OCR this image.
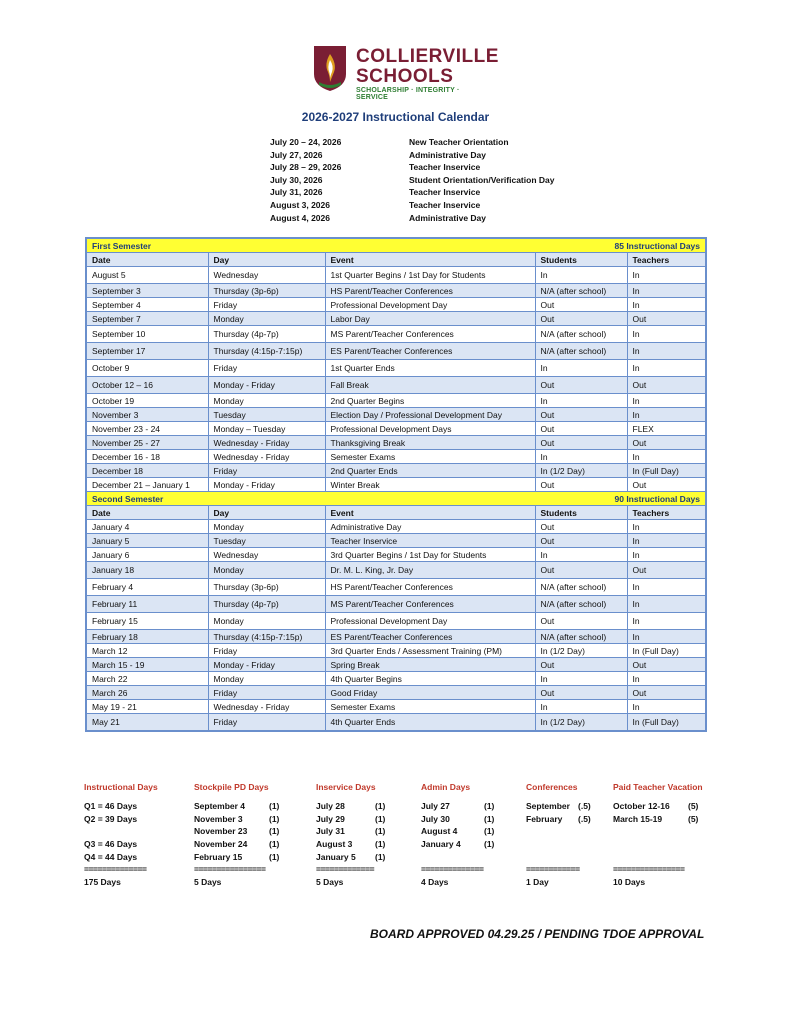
COLLIERVILLE
SCHOOLS
SCHOLARSHIP · INTEGRITY · SERVICE
2026-2027 Instructional Calendar
July 20 – 24, 2026	New Teacher Orientation
July 27, 2026	Administrative Day
July 28 – 29, 2026	Teacher Inservice
July 30, 2026	Student Orientation/Verification Day
July 31, 2026	Teacher Inservice
August 3, 2026	Teacher Inservice
August 4, 2026	Administrative Day
85 Instructional Days
First Semester				
Date	Day	Event	Students	Teachers
August 5	Wednesday	1st Quarter Begins / 1st Day for Students	In	In
September 3	Thursday (3p-6p)	HS Parent/Teacher Conferences	N/A (after school)	In
September 4	Friday	Professional Development Day	Out	In
September 7	Monday	Labor Day	Out	Out
September 10	Thursday (4p-7p)	MS Parent/Teacher Conferences	N/A (after school)	In
September 17	Thursday (4:15p-7:15p)	ES Parent/Teacher Conferences	N/A (after school)	In
October 9	Friday	1st Quarter Ends	In	In
October 12 – 16	Monday - Friday	Fall Break	Out	Out
October 19	Monday	2nd Quarter Begins	In	In
November 3	Tuesday	Election Day / Professional Development Day	Out	In
November 23 - 24	Monday – Tuesday	Professional Development Days	Out	FLEX
November 25 - 27	Wednesday - Friday	Thanksgiving Break	Out	Out
December 16 - 18	Wednesday - Friday	Semester Exams	In	In
December 18	Friday	2nd Quarter Ends	In (1/2 Day)	In (Full Day)
December 21 – January 1	Monday - Friday	Winter Break	Out	Out

90 Instructional Days
Second Semester				
Date	Day	Event	Students	Teachers
January 4	Monday	Administrative Day	Out	In
January 5	Tuesday	Teacher Inservice	Out	In
January 6	Wednesday	3rd Quarter Begins / 1st Day for Students	In	In
January 18	Monday	Dr. M. L. King, Jr. Day	Out	Out
February 4	Thursday (3p-6p)	HS Parent/Teacher Conferences	N/A (after school)	In
February 11	Thursday (4p-7p)	MS Parent/Teacher Conferences	N/A (after school)	In
February 15	Monday	Professional Development Day	Out	In
February 18	Thursday (4:15p-7:15p)	ES Parent/Teacher Conferences	N/A (after school)	In
March 12	Friday	3rd Quarter Ends / Assessment Training (PM)	In (1/2 Day)	In (Full Day)
March 15 - 19	Monday - Friday	Spring Break	Out	Out
March 22	Monday	4th Quarter Begins	In	In
March 26	Friday	Good Friday	Out	Out
May 19 - 21	Wednesday - Friday	Semester Exams	In	In
May 21	Friday	4th Quarter Ends	In (1/2 Day)	In (Full Day)
Instructional Days
Q1 = 46 Days
Q2 = 39 Days
Q3 = 46 Days
Q4 = 44 Days
==============
175 Days
Stockpile PD Days
September 4	(1)
November 3	(1)
November 23	(1)
November 24	(1)
February 15	(1)
================
5 Days
Inservice Days
July 28	(1)
July 29	(1)
July 31	(1)
August 3	(1)
January 5 (1)
=============
5 Days
Admin Days
July 27	(1)
July 30	(1)
August 4	(1)
January 4	(1)
==============
4 Days
Conferences
September (.5)
February (.5)
============
1 Day
Paid Teacher Vacation
October 12-16 (5)
March 15-19	(5)
================
10 Days
BOARD APPROVED 04.29.25 / PENDING TDOE APPROVAL
